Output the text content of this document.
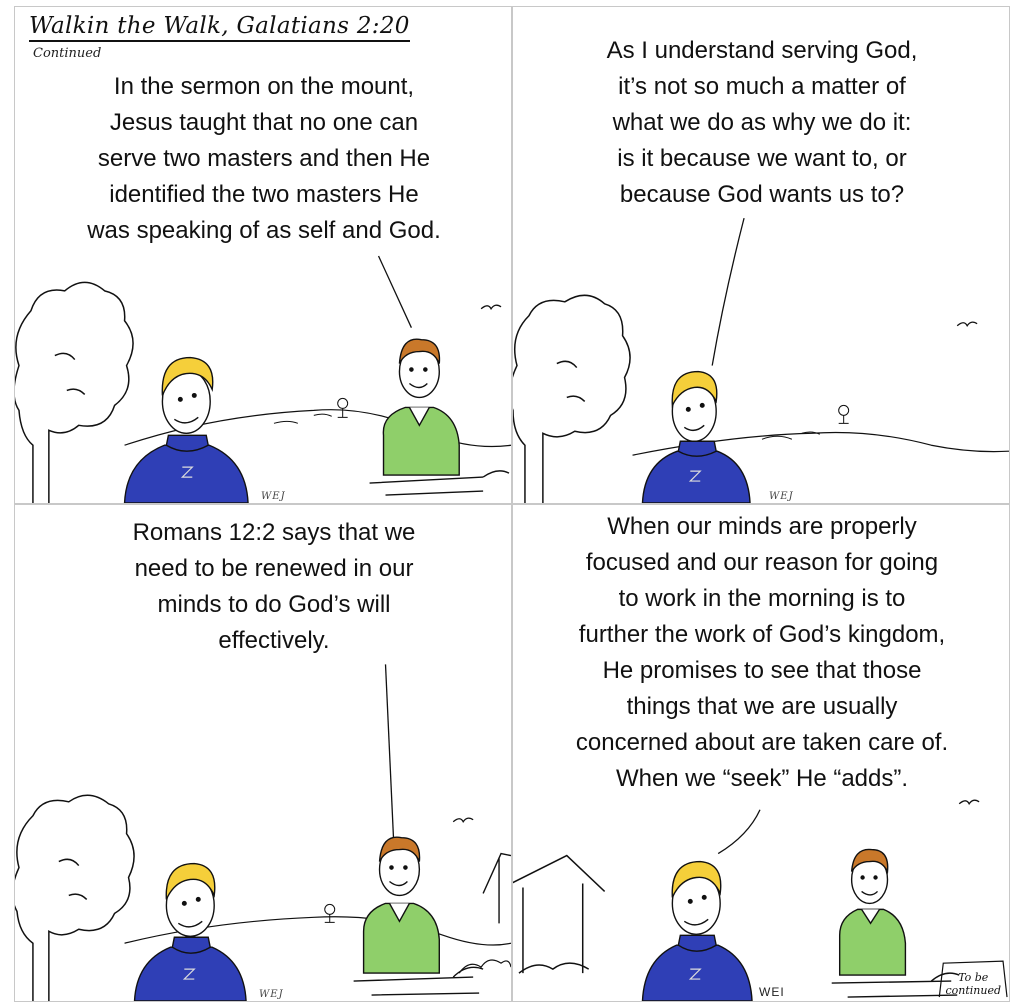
Walkin the Walk, Galatians 2:20
Continued

In the sermon on the mount,
Jesus taught that no one can
serve two masters and then He
identified the two masters He
was speaking of as self and God.

WEJ

As I understand serving God,
it’s not so much a matter of
what we do as why we do it:
is it because we want to, or
because God wants us to?

WEJ

Romans 12:2 says that we
need to be renewed in our
minds to do God’s will
effectively.

WEJ

When our minds are properly
focused and our reason for going
to work in the morning is to
further the work of God’s kingdom,
He promises to see that those
things that we are usually
concerned about are taken care of.
When we “seek” He “adds”.

WEI
To be
continued
